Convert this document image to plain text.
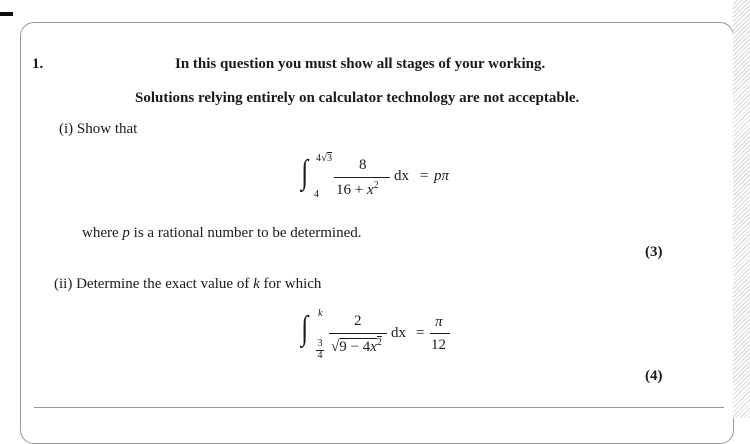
1.	In this question you must show all stages of your working.
Solutions relying entirely on calculator technology are not acceptable.
(i) Show that
∫ 4√3
4
8
$16 + x^2$
dx = pπ
where p is a rational number to be determined.
(3)
(ii) Determine the exact value of k for which
∫ k
3
4
2
$√9 - 4x^2$
dx =
π
12
(4)
